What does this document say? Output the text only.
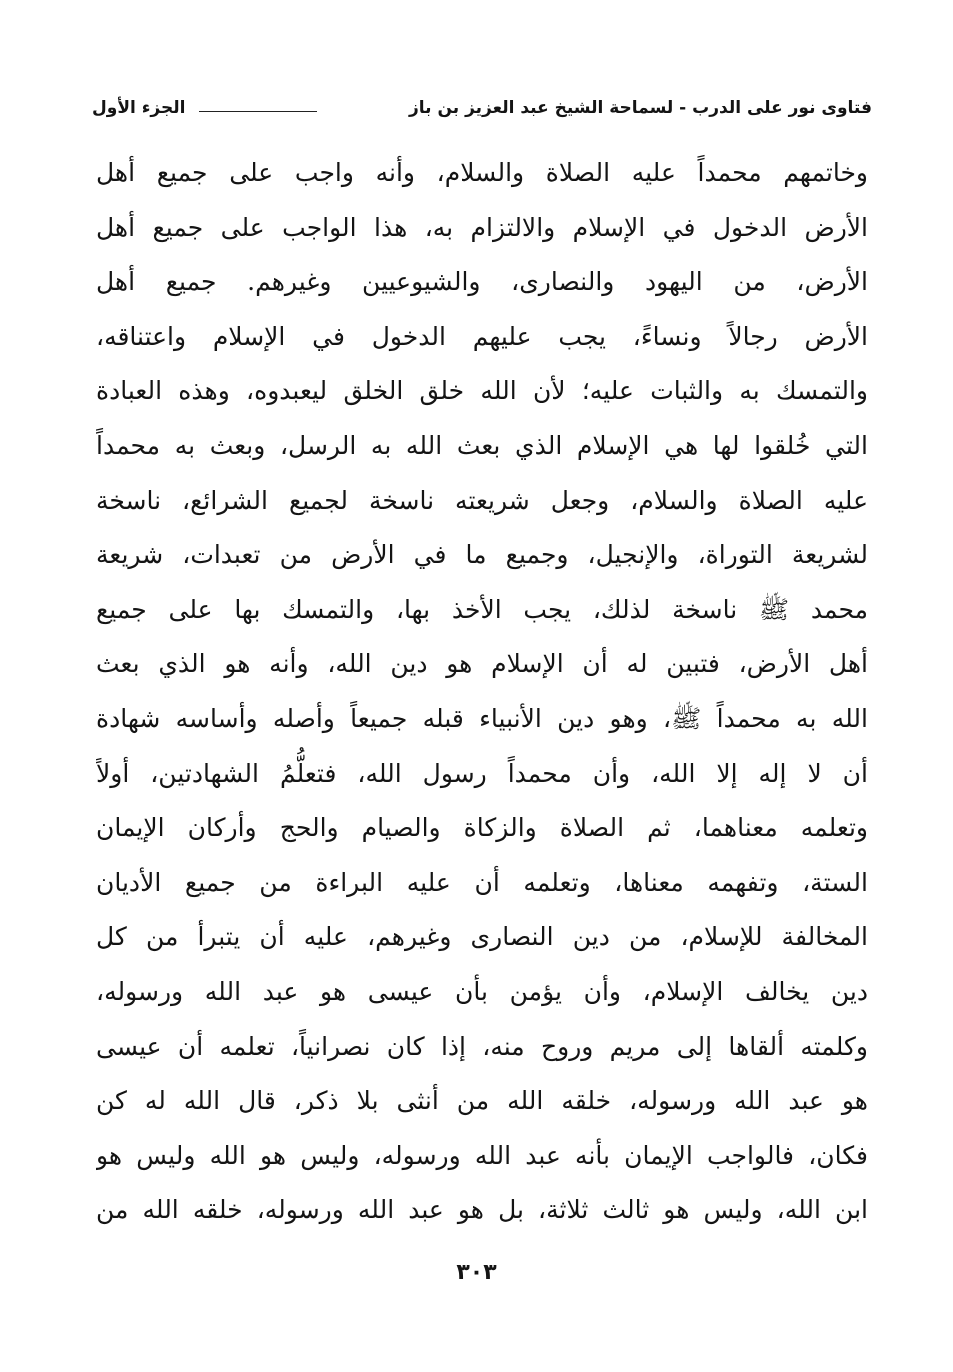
فتاوى نور على الدرب - لسماحة الشيخ عبد العزيز بن باز
الجزء الأول
وخاتمهم محمداً عليه الصلاة والسلام، وأنه واجب على جميع أهل
الأرض الدخول في الإسلام والالتزام به، هذا الواجب على جميع أهل
الأرض، من اليهود والنصارى، والشيوعيين وغيرهم. جميع أهل
الأرض رجالاً ونساءً، يجب عليهم الدخول في الإسلام واعتناقه،
والتمسك به والثبات عليه؛ لأن الله خلق الخلق ليعبدوه، وهذه العبادة
التي خُلقوا لها هي الإسلام الذي بعث الله به الرسل، وبعث به محمداً
عليه الصلاة والسلام، وجعل شريعته ناسخة لجميع الشرائع، ناسخة
لشريعة التوراة، والإنجيل، وجميع ما في الأرض من تعبدات، شريعة
محمد ﷺ ناسخة لذلك، يجب الأخذ بها، والتمسك بها على جميع
أهل الأرض، فتبين له أن الإسلام هو دين الله، وأنه هو الذي بعث
الله به محمداً ﷺ، وهو دين الأنبياء قبله جميعاً وأصله وأساسه شهادة
أن لا إله إلا الله، وأن محمداً رسول الله، فتعلُّمُ الشهادتين، أولاً
وتعلمه معناهما، ثم الصلاة والزكاة والصيام والحج وأركان الإيمان
الستة، وتفهمه معناها، وتعلمه أن عليه البراءة من جميع الأديان
المخالفة للإسلام، من دين النصارى وغيرهم، عليه أن يتبرأ من كل
دين يخالف الإسلام، وأن يؤمن بأن عيسى هو عبد الله ورسوله،
وكلمته ألقاها إلى مريم وروح منه، إذا كان نصرانياً، تعلمه أن عيسى
هو عبد الله ورسوله، خلقه الله من أنثى بلا ذكر، قال الله له كن
فكان، فالواجب الإيمان بأنه عبد الله ورسوله، وليس هو الله وليس هو
ابن الله، وليس هو ثالث ثلاثة، بل هو عبد الله ورسوله، خلقه الله من
٣٠٣
